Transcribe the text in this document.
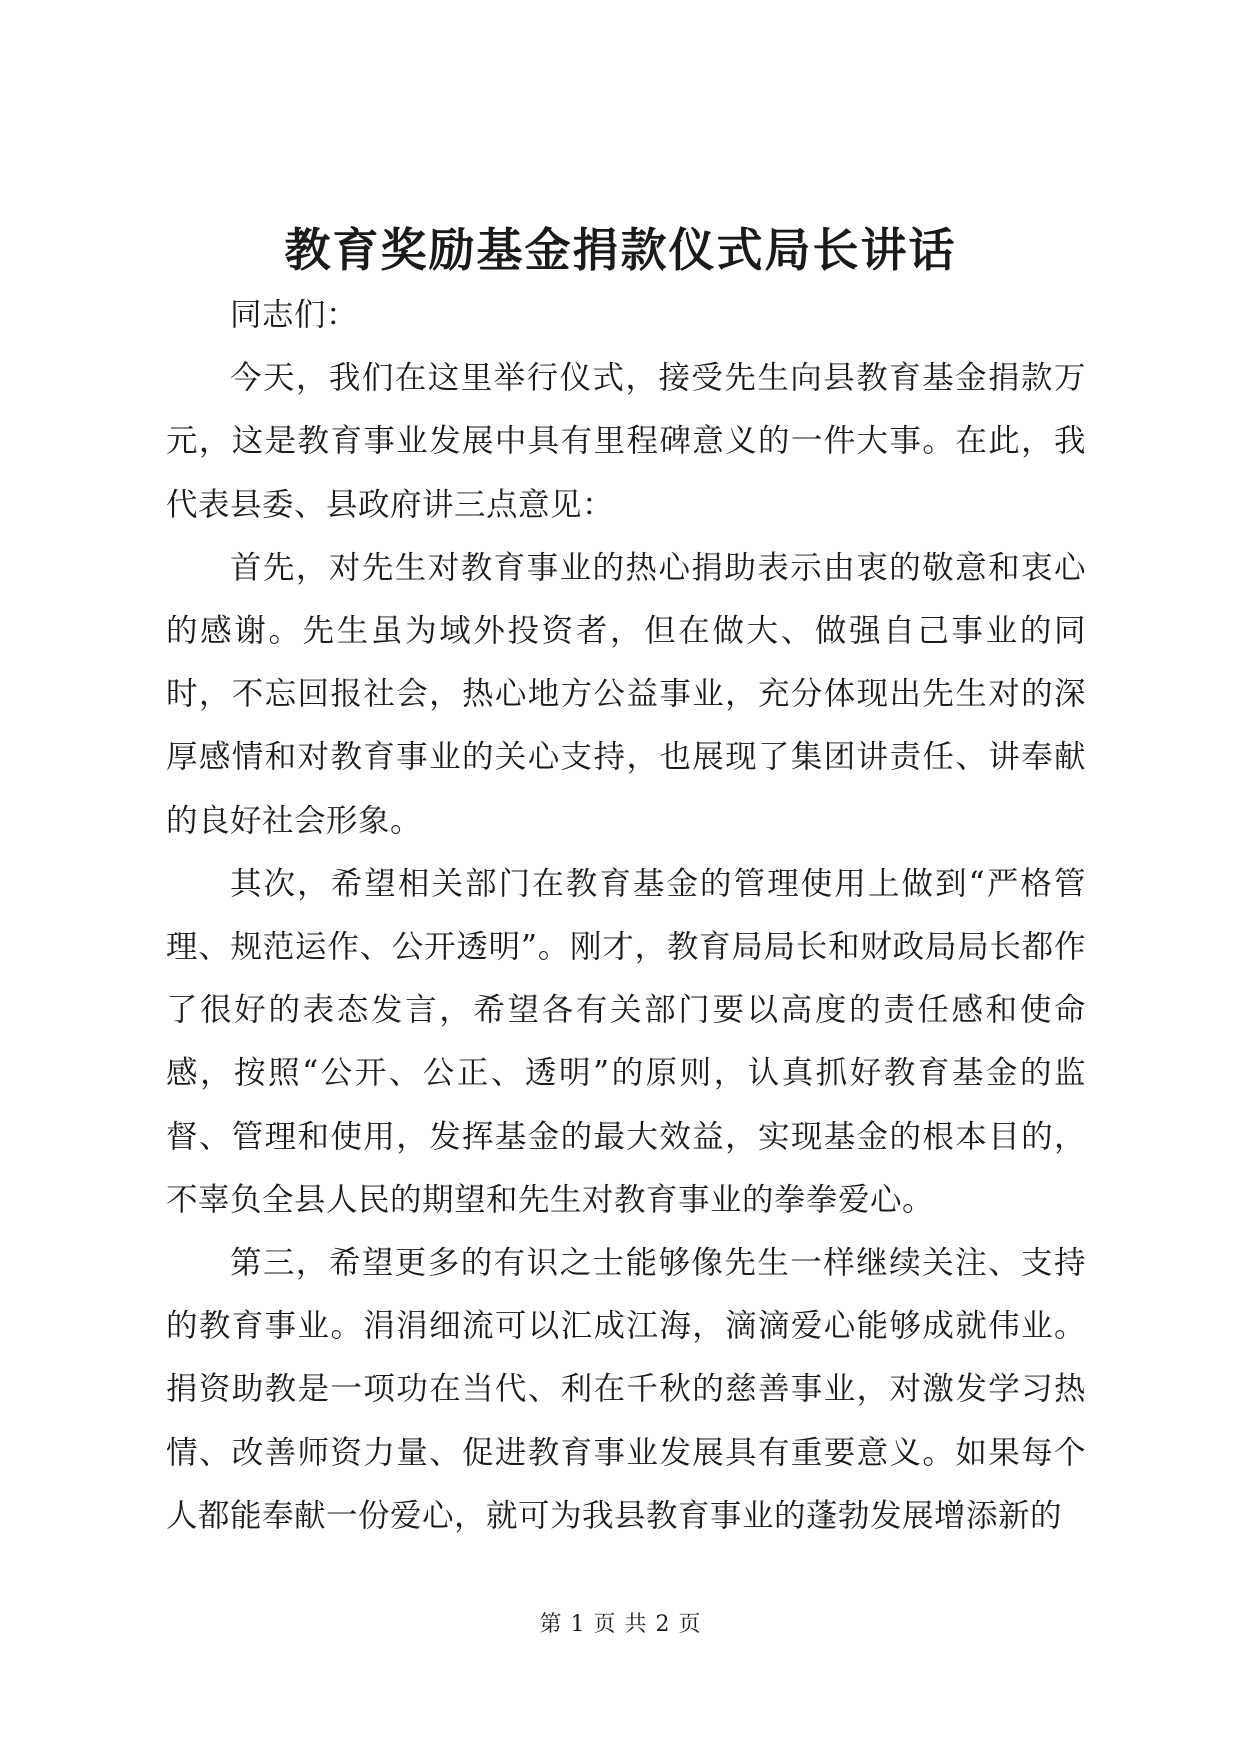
教育奖励基金捐款仪式局长讲话

同志们：

今天，我们在这里举行仪式，接受先生向县教育基金捐款万元，这是教育事业发展中具有里程碑意义的一件大事。在此，我代表县委、县政府讲三点意见：

首先，对先生对教育事业的热心捐助表示由衷的敬意和衷心的感谢。先生虽为域外投资者，但在做大、做强自己事业的同时，不忘回报社会，热心地方公益事业，充分体现出先生对的深厚感情和对教育事业的关心支持，也展现了集团讲责任、讲奉献的良好社会形象。

其次，希望相关部门在教育基金的管理使用上做到“严格管理、规范运作、公开透明”。刚才，教育局局长和财政局局长都作了很好的表态发言，希望各有关部门要以高度的责任感和使命感，按照“公开、公正、透明”的原则，认真抓好教育基金的监督、管理和使用，发挥基金的最大效益，实现基金的根本目的，不辜负全县人民的期望和先生对教育事业的拳拳爱心。

第三，希望更多的有识之士能够像先生一样继续关注、支持的教育事业。涓涓细流可以汇成江海，滴滴爱心能够成就伟业。捐资助教是一项功在当代、利在千秋的慈善事业，对激发学习热情、改善师资力量、促进教育事业发展具有重要意义。如果每个人都能奉献一份爱心，就可为我县教育事业的蓬勃发展增添新的

第 1 页 共 2 页
